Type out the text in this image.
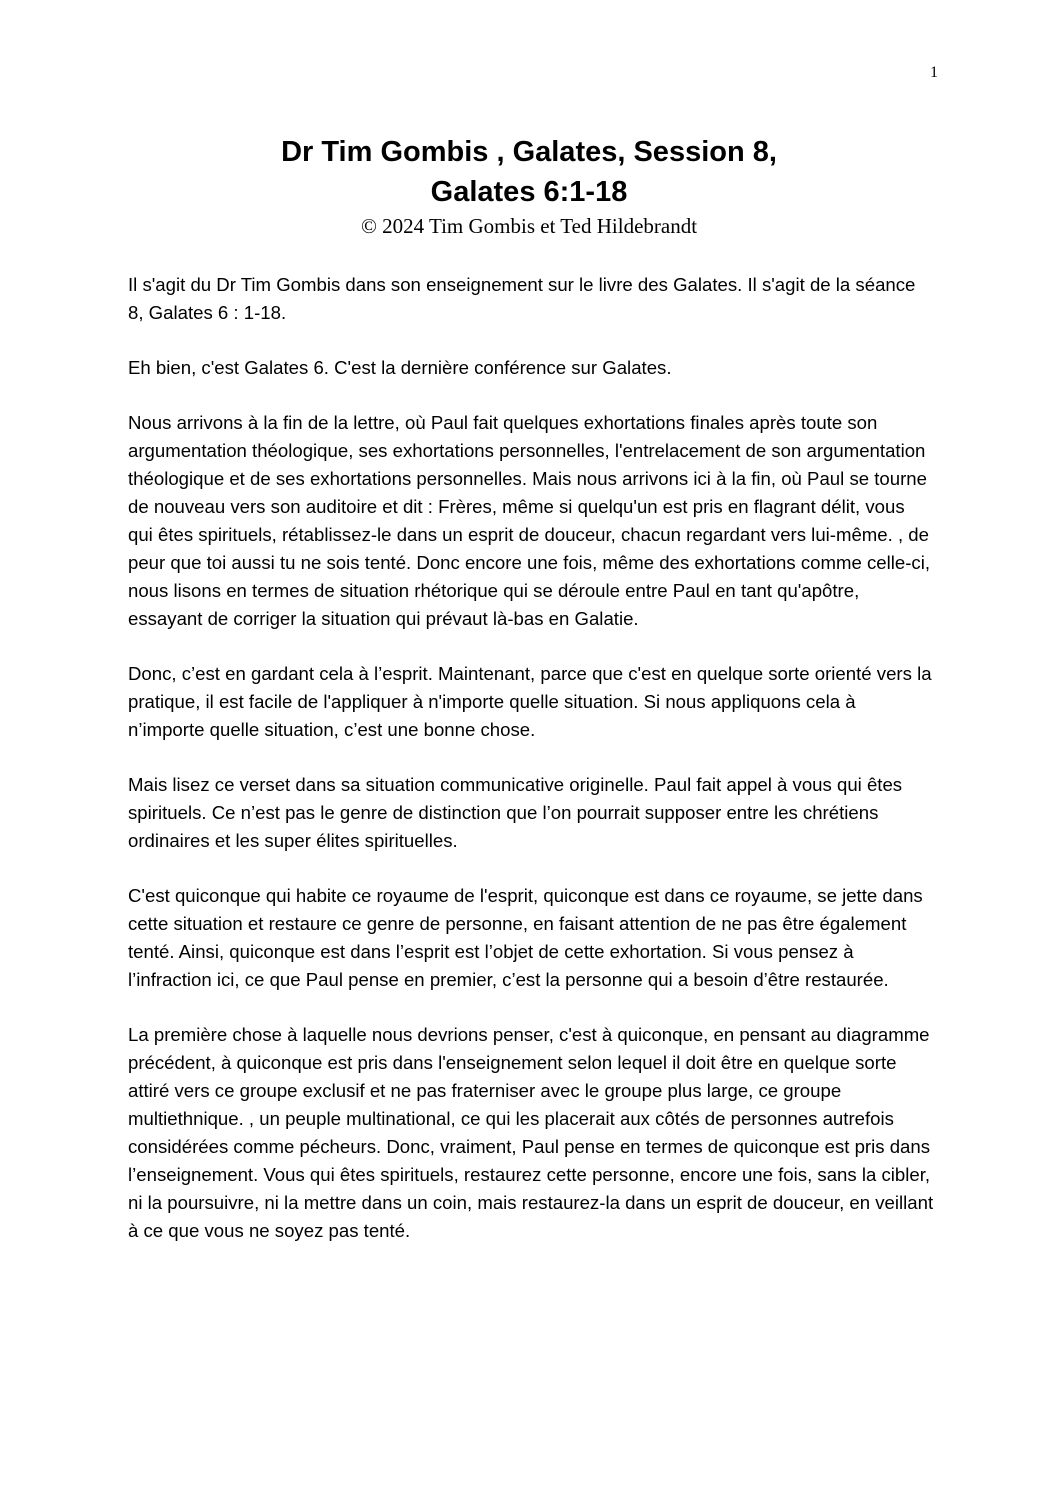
1
Dr Tim Gombis , Galates, Session 8,
Galates 6:1-18
© 2024 Tim Gombis et Ted Hildebrandt

Il s'agit du Dr Tim Gombis dans son enseignement sur le livre des Galates. Il s'agit de la séance 8, Galates 6 : 1-18.

Eh bien, c'est Galates 6. C'est la dernière conférence sur Galates.

Nous arrivons à la fin de la lettre, où Paul fait quelques exhortations finales après toute son argumentation théologique, ses exhortations personnelles, l'entrelacement de son argumentation théologique et de ses exhortations personnelles. Mais nous arrivons ici à la fin, où Paul se tourne de nouveau vers son auditoire et dit : Frères, même si quelqu'un est pris en flagrant délit, vous qui êtes spirituels, rétablissez-le dans un esprit de douceur, chacun regardant vers lui-même. , de peur que toi aussi tu ne sois tenté. Donc encore une fois, même des exhortations comme celle-ci, nous lisons en termes de situation rhétorique qui se déroule entre Paul en tant qu'apôtre, essayant de corriger la situation qui prévaut là-bas en Galatie.

Donc, c’est en gardant cela à l’esprit. Maintenant, parce que c'est en quelque sorte orienté vers la pratique, il est facile de l'appliquer à n'importe quelle situation. Si nous appliquons cela à n’importe quelle situation, c’est une bonne chose.

Mais lisez ce verset dans sa situation communicative originelle. Paul fait appel à vous qui êtes spirituels. Ce n’est pas le genre de distinction que l’on pourrait supposer entre les chrétiens ordinaires et les super élites spirituelles.

C'est quiconque qui habite ce royaume de l'esprit, quiconque est dans ce royaume, se jette dans cette situation et restaure ce genre de personne, en faisant attention de ne pas être également tenté. Ainsi, quiconque est dans l’esprit est l’objet de cette exhortation. Si vous pensez à l’infraction ici, ce que Paul pense en premier, c’est la personne qui a besoin d’être restaurée.

La première chose à laquelle nous devrions penser, c'est à quiconque, en pensant au diagramme précédent, à quiconque est pris dans l'enseignement selon lequel il doit être en quelque sorte attiré vers ce groupe exclusif et ne pas fraterniser avec le groupe plus large, ce groupe multiethnique. , un peuple multinational, ce qui les placerait aux côtés de personnes autrefois considérées comme pécheurs. Donc, vraiment, Paul pense en termes de quiconque est pris dans l’enseignement. Vous qui êtes spirituels, restaurez cette personne, encore une fois, sans la cibler, ni la poursuivre, ni la mettre dans un coin, mais restaurez-la dans un esprit de douceur, en veillant à ce que vous ne soyez pas tenté.
